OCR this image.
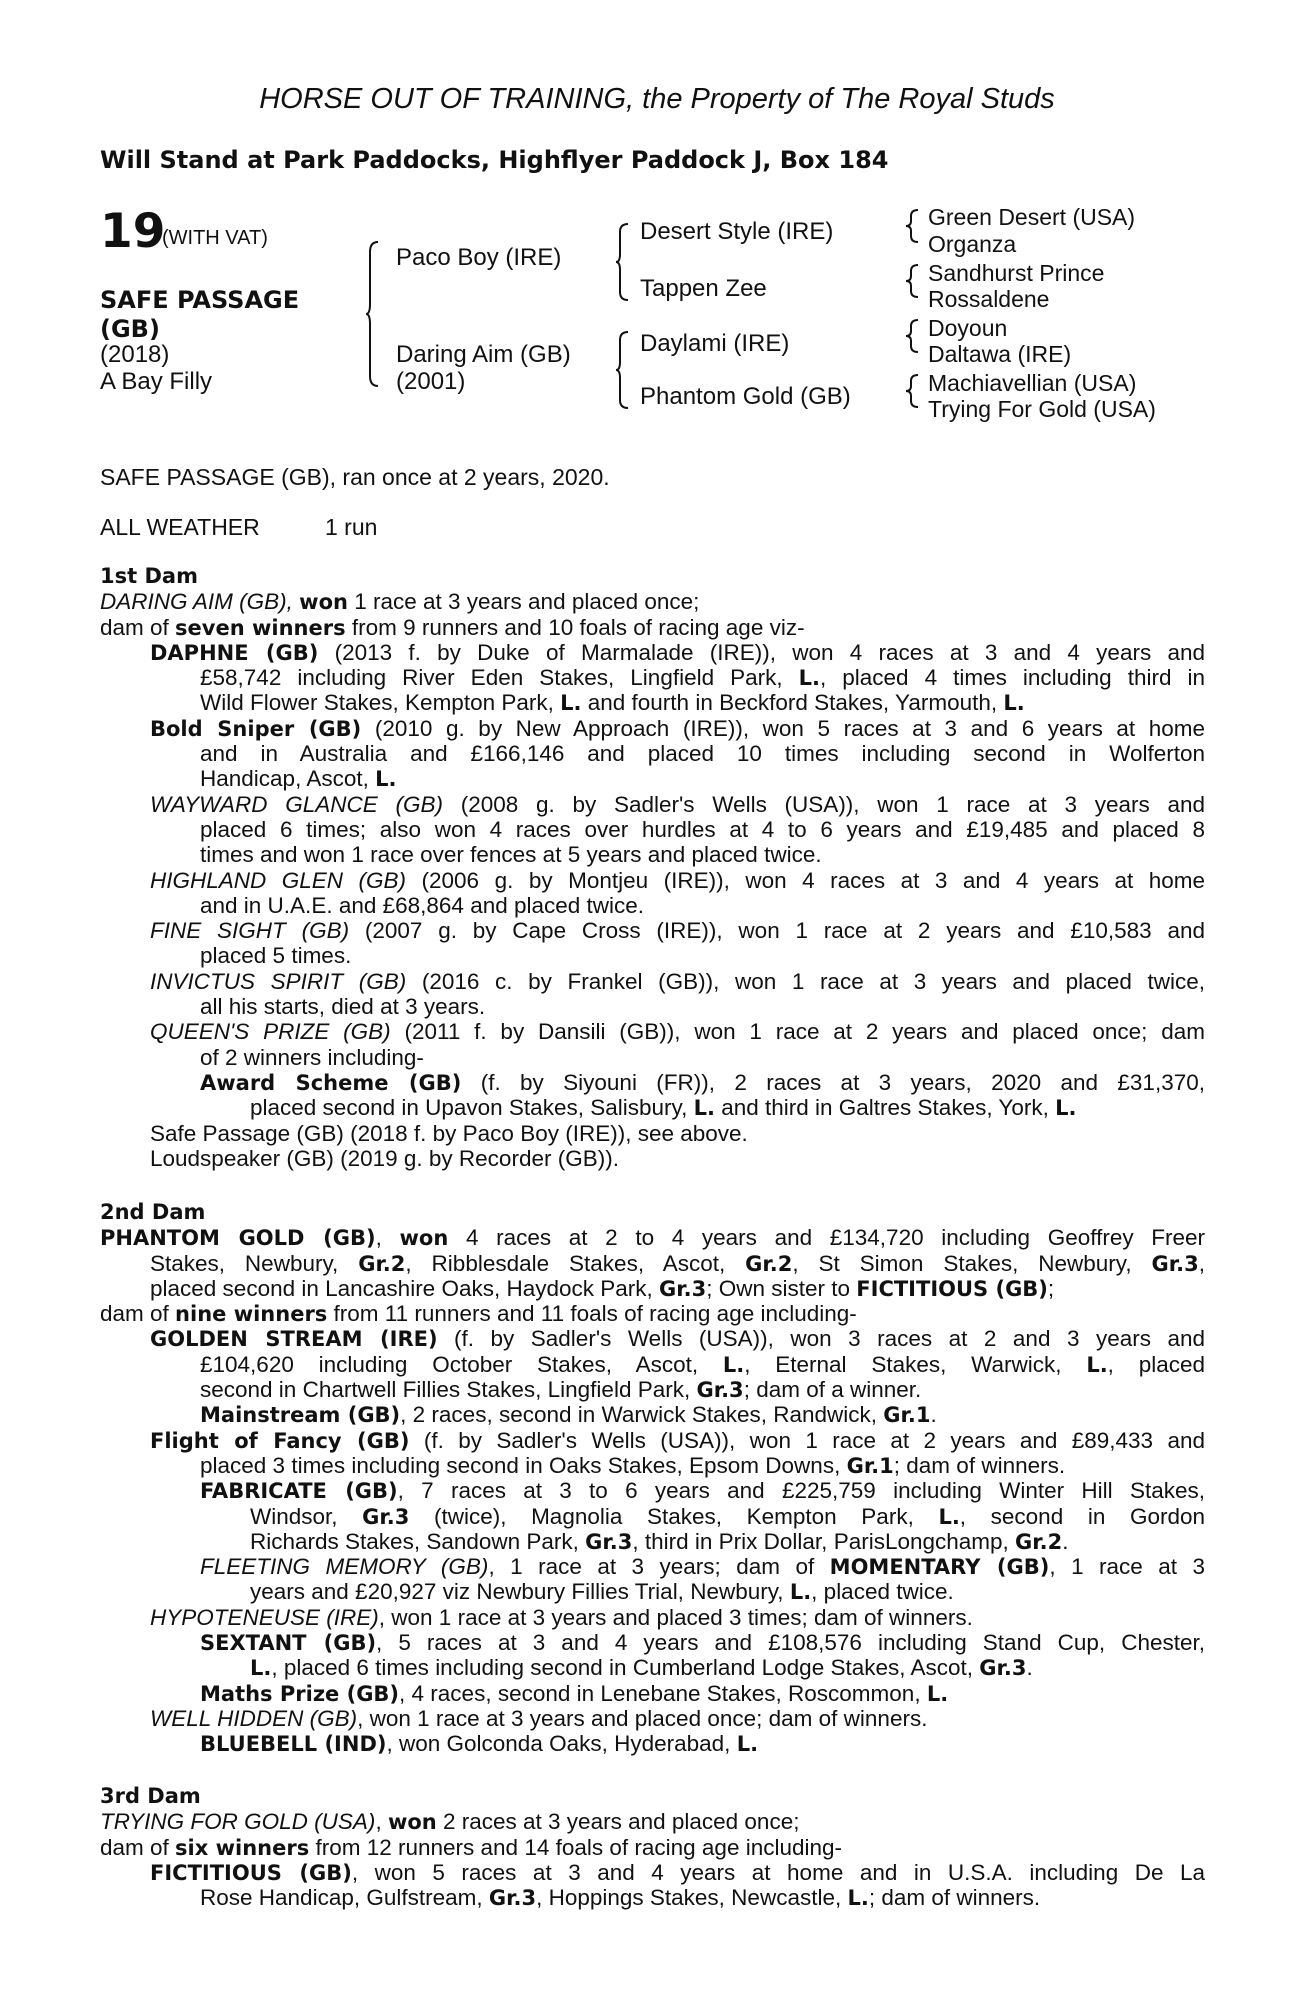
HORSE OUT OF TRAINING, the Property of The Royal Studs
Will Stand at Park Paddocks, Highflyer Paddock J, Box 184
19
(WITH VAT)
SAFE PASSAGE
(GB)
(2018)
A Bay Filly
Paco Boy (IRE)
Daring Aim (GB)
(2001)
Desert Style (IRE)
Tappen Zee
Daylami (IRE)
Phantom Gold (GB)
Green Desert (USA)
Organza
Sandhurst Prince
Rossaldene
Doyoun
Daltawa (IRE)
Machiavellian (USA)
Trying For Gold (USA)
SAFE PASSAGE (GB), ran once at 2 years, 2020.
ALL WEATHER	1 run
1st Dam
DARING AIM (GB), won 1 race at 3 years and placed once;
dam of seven winners from 9 runners and 10 foals of racing age viz-
DAPHNE (GB) (2013 f. by Duke of Marmalade (IRE)), won 4 races at 3 and 4 years and
£58,742 including River Eden Stakes, Lingfield Park, L., placed 4 times including third in
Wild Flower Stakes, Kempton Park, L. and fourth in Beckford Stakes, Yarmouth, L.
Bold Sniper (GB) (2010 g. by New Approach (IRE)), won 5 races at 3 and 6 years at home
and in Australia and £166,146 and placed 10 times including second in Wolferton
Handicap, Ascot, L.
WAYWARD GLANCE (GB) (2008 g. by Sadler's Wells (USA)), won 1 race at 3 years and
placed 6 times; also won 4 races over hurdles at 4 to 6 years and £19,485 and placed 8
times and won 1 race over fences at 5 years and placed twice.
HIGHLAND GLEN (GB) (2006 g. by Montjeu (IRE)), won 4 races at 3 and 4 years at home
and in U.A.E. and £68,864 and placed twice.
FINE SIGHT (GB) (2007 g. by Cape Cross (IRE)), won 1 race at 2 years and £10,583 and
placed 5 times.
INVICTUS SPIRIT (GB) (2016 c. by Frankel (GB)), won 1 race at 3 years and placed twice,
all his starts, died at 3 years.
QUEEN'S PRIZE (GB) (2011 f. by Dansili (GB)), won 1 race at 2 years and placed once; dam
of 2 winners including-
Award Scheme (GB) (f. by Siyouni (FR)), 2 races at 3 years, 2020 and £31,370,
placed second in Upavon Stakes, Salisbury, L. and third in Galtres Stakes, York, L.
Safe Passage (GB) (2018 f. by Paco Boy (IRE)), see above.
Loudspeaker (GB) (2019 g. by Recorder (GB)).
2nd Dam
PHANTOM GOLD (GB), won 4 races at 2 to 4 years and £134,720 including Geoffrey Freer
Stakes, Newbury, Gr.2, Ribblesdale Stakes, Ascot, Gr.2, St Simon Stakes, Newbury, Gr.3,
placed second in Lancashire Oaks, Haydock Park, Gr.3; Own sister to FICTITIOUS (GB);
dam of nine winners from 11 runners and 11 foals of racing age including-
GOLDEN STREAM (IRE) (f. by Sadler's Wells (USA)), won 3 races at 2 and 3 years and
£104,620 including October Stakes, Ascot, L., Eternal Stakes, Warwick, L., placed
second in Chartwell Fillies Stakes, Lingfield Park, Gr.3; dam of a winner.
Mainstream (GB), 2 races, second in Warwick Stakes, Randwick, Gr.1.
Flight of Fancy (GB) (f. by Sadler's Wells (USA)), won 1 race at 2 years and £89,433 and
placed 3 times including second in Oaks Stakes, Epsom Downs, Gr.1; dam of winners.
FABRICATE (GB), 7 races at 3 to 6 years and £225,759 including Winter Hill Stakes,
Windsor, Gr.3 (twice), Magnolia Stakes, Kempton Park, L., second in Gordon
Richards Stakes, Sandown Park, Gr.3, third in Prix Dollar, ParisLongchamp, Gr.2.
FLEETING MEMORY (GB), 1 race at 3 years; dam of MOMENTARY (GB), 1 race at 3
years and £20,927 viz Newbury Fillies Trial, Newbury, L., placed twice.
HYPOTENEUSE (IRE), won 1 race at 3 years and placed 3 times; dam of winners.
SEXTANT (GB), 5 races at 3 and 4 years and £108,576 including Stand Cup, Chester,
L., placed 6 times including second in Cumberland Lodge Stakes, Ascot, Gr.3.
Maths Prize (GB), 4 races, second in Lenebane Stakes, Roscommon, L.
WELL HIDDEN (GB), won 1 race at 3 years and placed once; dam of winners.
BLUEBELL (IND), won Golconda Oaks, Hyderabad, L.
3rd Dam
TRYING FOR GOLD (USA), won 2 races at 3 years and placed once;
dam of six winners from 12 runners and 14 foals of racing age including-
FICTITIOUS (GB), won 5 races at 3 and 4 years at home and in U.S.A. including De La
Rose Handicap, Gulfstream, Gr.3, Hoppings Stakes, Newcastle, L.; dam of winners.
